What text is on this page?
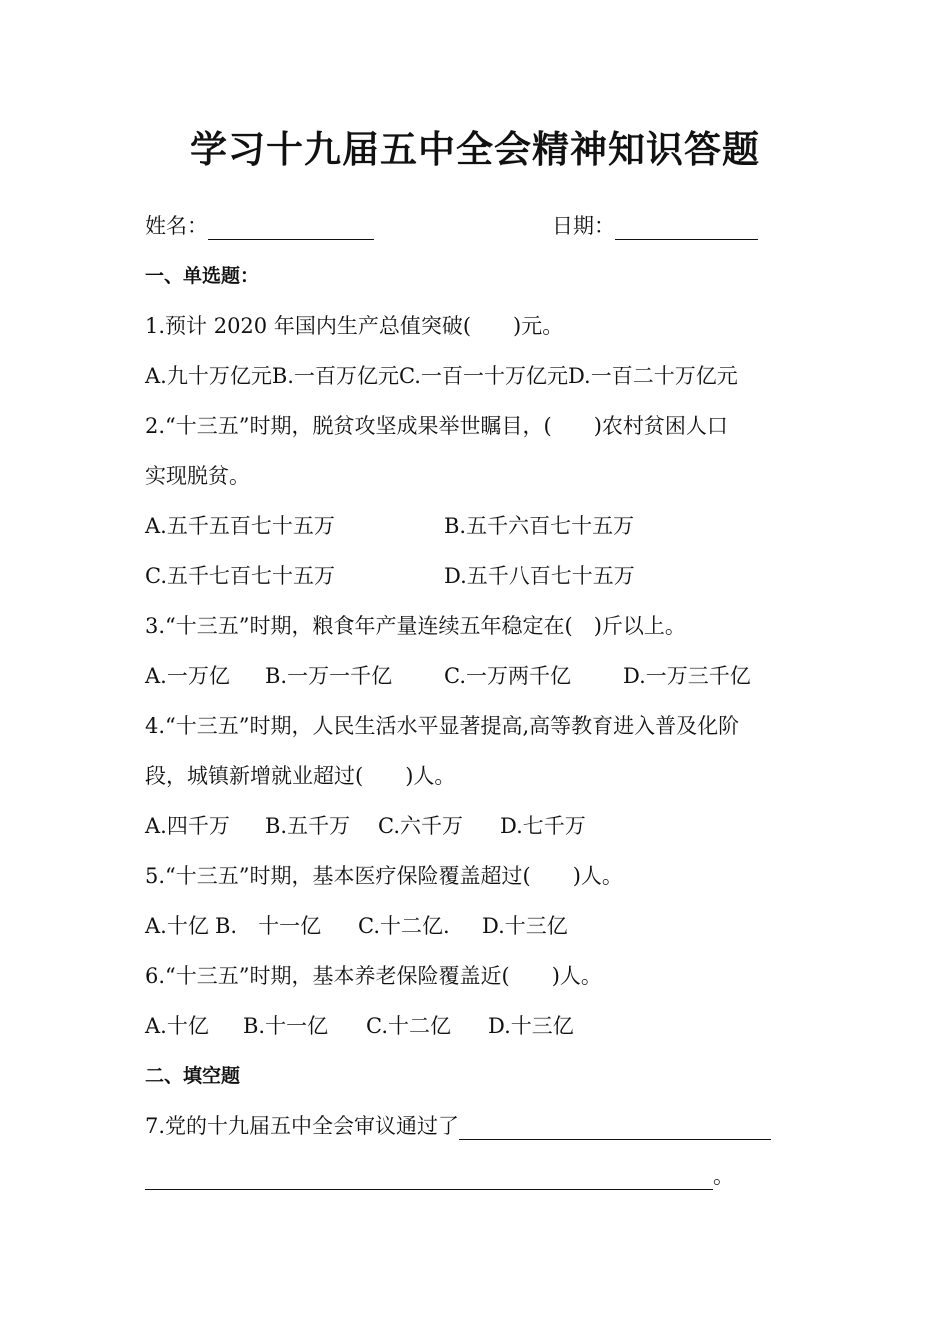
学习十九届五中全会精神知识答题
姓名：	日期：
一、单选题：
1.预计 2020 年国内生产总值突破(　　)元。
A.九十万亿元B.一百万亿元C.一百一十万亿元D.一百二十万亿元
2.“十三五”时期，脱贫攻坚成果举世瞩目，(　　)农村贫困人口
实现脱贫。
A.五千五百七十五万	B.五千六百七十五万
C.五千七百七十五万	D.五千八百七十五万
3.“十三五”时期，粮食年产量连续五年稳定在(　)斤以上。
A.一万亿 B.一万一千亿 C.一万两千亿 D.一万三千亿
4.“十三五”时期，人民生活水平显著提高,高等教育进入普及化阶
段，城镇新增就业超过(　　)人。
A.四千万 B.五千万 C.六千万 D.七千万
5.“十三五”时期，基本医疗保险覆盖超过(　　)人。
A.十亿 B.　十一亿 C.十二亿. D.十三亿
6.“十三五”时期，基本养老保险覆盖近(　　)人。
A.十亿 B.十一亿 C.十二亿 D.十三亿
二、填空题
7.党的十九届五中全会审议通过了
。
